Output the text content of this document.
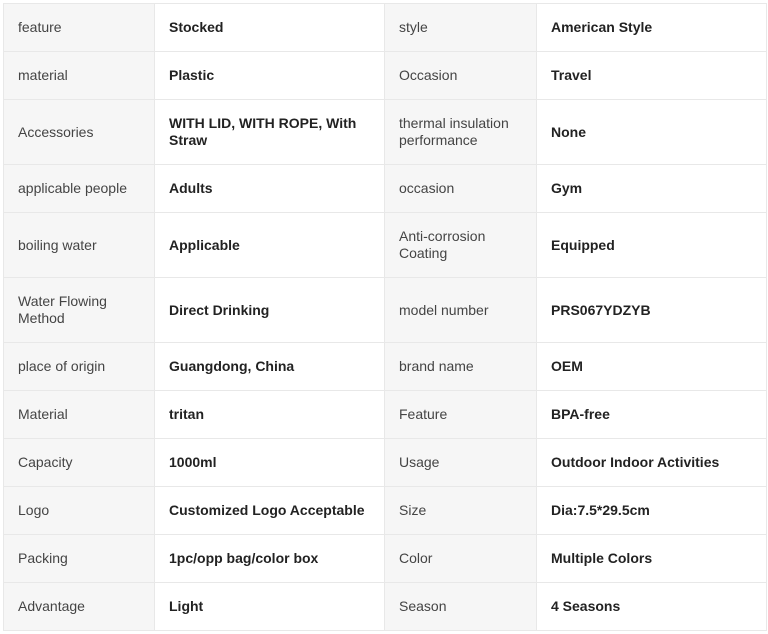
feature	Stocked	style	American Style
material	Plastic	Occasion	Travel
Accessories	WITH LID, WITH ROPE, With Straw	thermal insulation performance	None
applicable people	Adults	occasion	Gym
boiling water	Applicable	Anti-corrosion Coating	Equipped
Water Flowing Method	Direct Drinking	model number	PRS067YDZYB
place of origin	Guangdong, China	brand name	OEM
Material	tritan	Feature	BPA-free
Capacity	1000ml	Usage	Outdoor Indoor Activities
Logo	Customized Logo Acceptable	Size	Dia:7.5*29.5cm
Packing	1pc/opp bag/color box	Color	Multiple Colors
Advantage	Light	Season	4 Seasons
